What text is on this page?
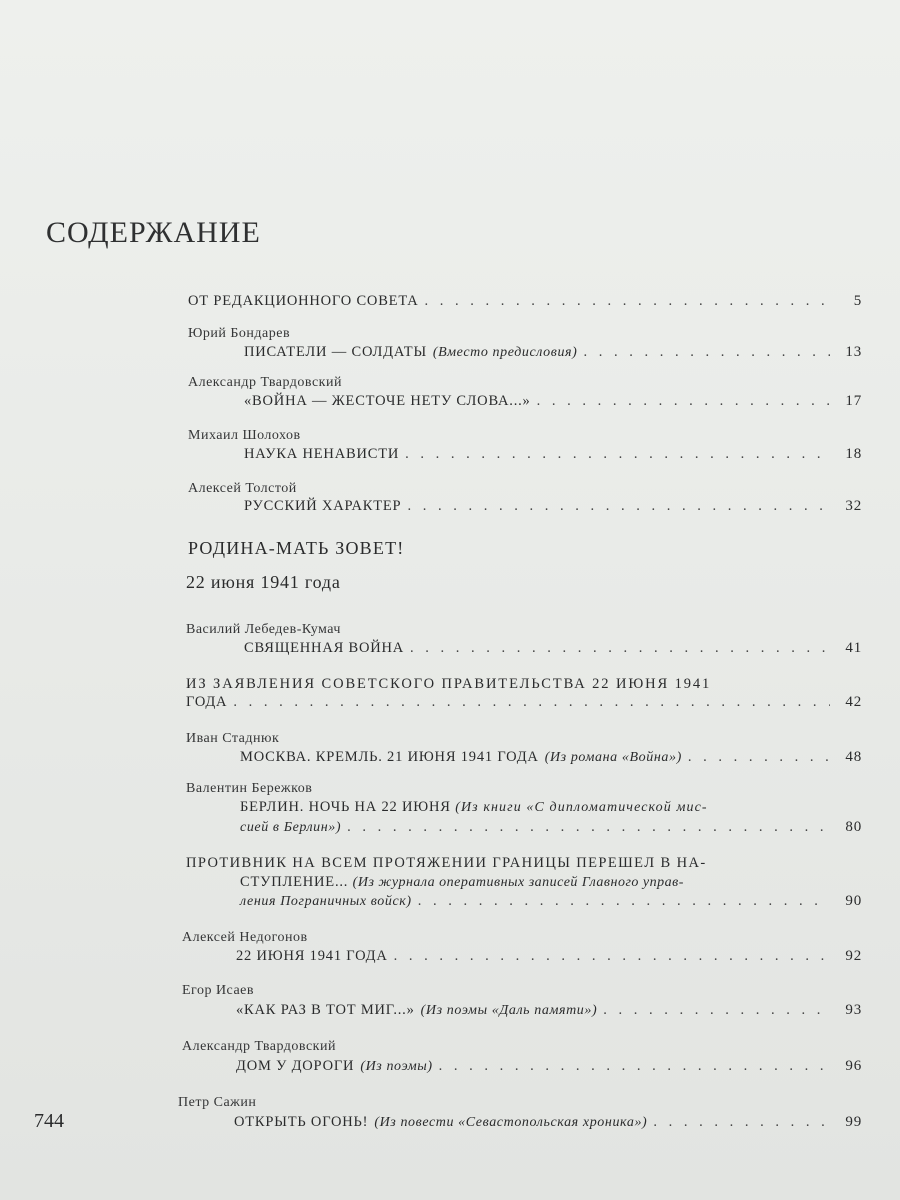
СОДЕРЖАНИЕ
ОТ РЕДАКЦИОННОГО СОВЕТА . . .	5
Юрий Бондарев
ПИСАТЕЛИ — СОЛДАТЫ (Вместо предисловия) . . .	13
Александр Твардовский
«ВОЙНА — ЖЕСТОЧЕ НЕТУ СЛОВА...» . . .	17
Михаил Шолохов
НАУКА НЕНАВИСТИ . . .	18
Алексей Толстой
РУССКИЙ ХАРАКТЕР . . .	32
РОДИНА-МАТЬ ЗОВЕТ!
22 июня 1941 года
Василий Лебедев-Кумач
СВЯЩЕННАЯ ВОЙНА . . .	41
ИЗ ЗАЯВЛЕНИЯ СОВЕТСКОГО ПРАВИТЕЛЬСТВА 22 ИЮНЯ 1941
ГОДА . . .	42
Иван Стаднюк
МОСКВА. КРЕМЛЬ. 21 ИЮНЯ 1941 ГОДА (Из романа «Война») . . .	48
Валентин Бережков
БЕРЛИН. НОЧЬ НА 22 ИЮНЯ (Из книги «С дипломатической мис-
сией в Берлин») . . .	80
ПРОТИВНИК НА ВСЕМ ПРОТЯЖЕНИИ ГРАНИЦЫ ПЕРЕШЕЛ В НА-
СТУПЛЕНИЕ... (Из журнала оперативных записей Главного управ-
ления Пограничных войск) . . .	90
Алексей Недогонов
22 ИЮНЯ 1941 ГОДА . . .	92
Егор Исаев
«КАК РАЗ В ТОТ МИГ...» (Из поэмы «Даль памяти») . . .	93
Александр Твардовский
ДОМ У ДОРОГИ (Из поэмы) . . .	96
Петр Сажин
ОТКРЫТЬ ОГОНЬ! (Из повести «Севастопольская хроника») . . .	99
744
